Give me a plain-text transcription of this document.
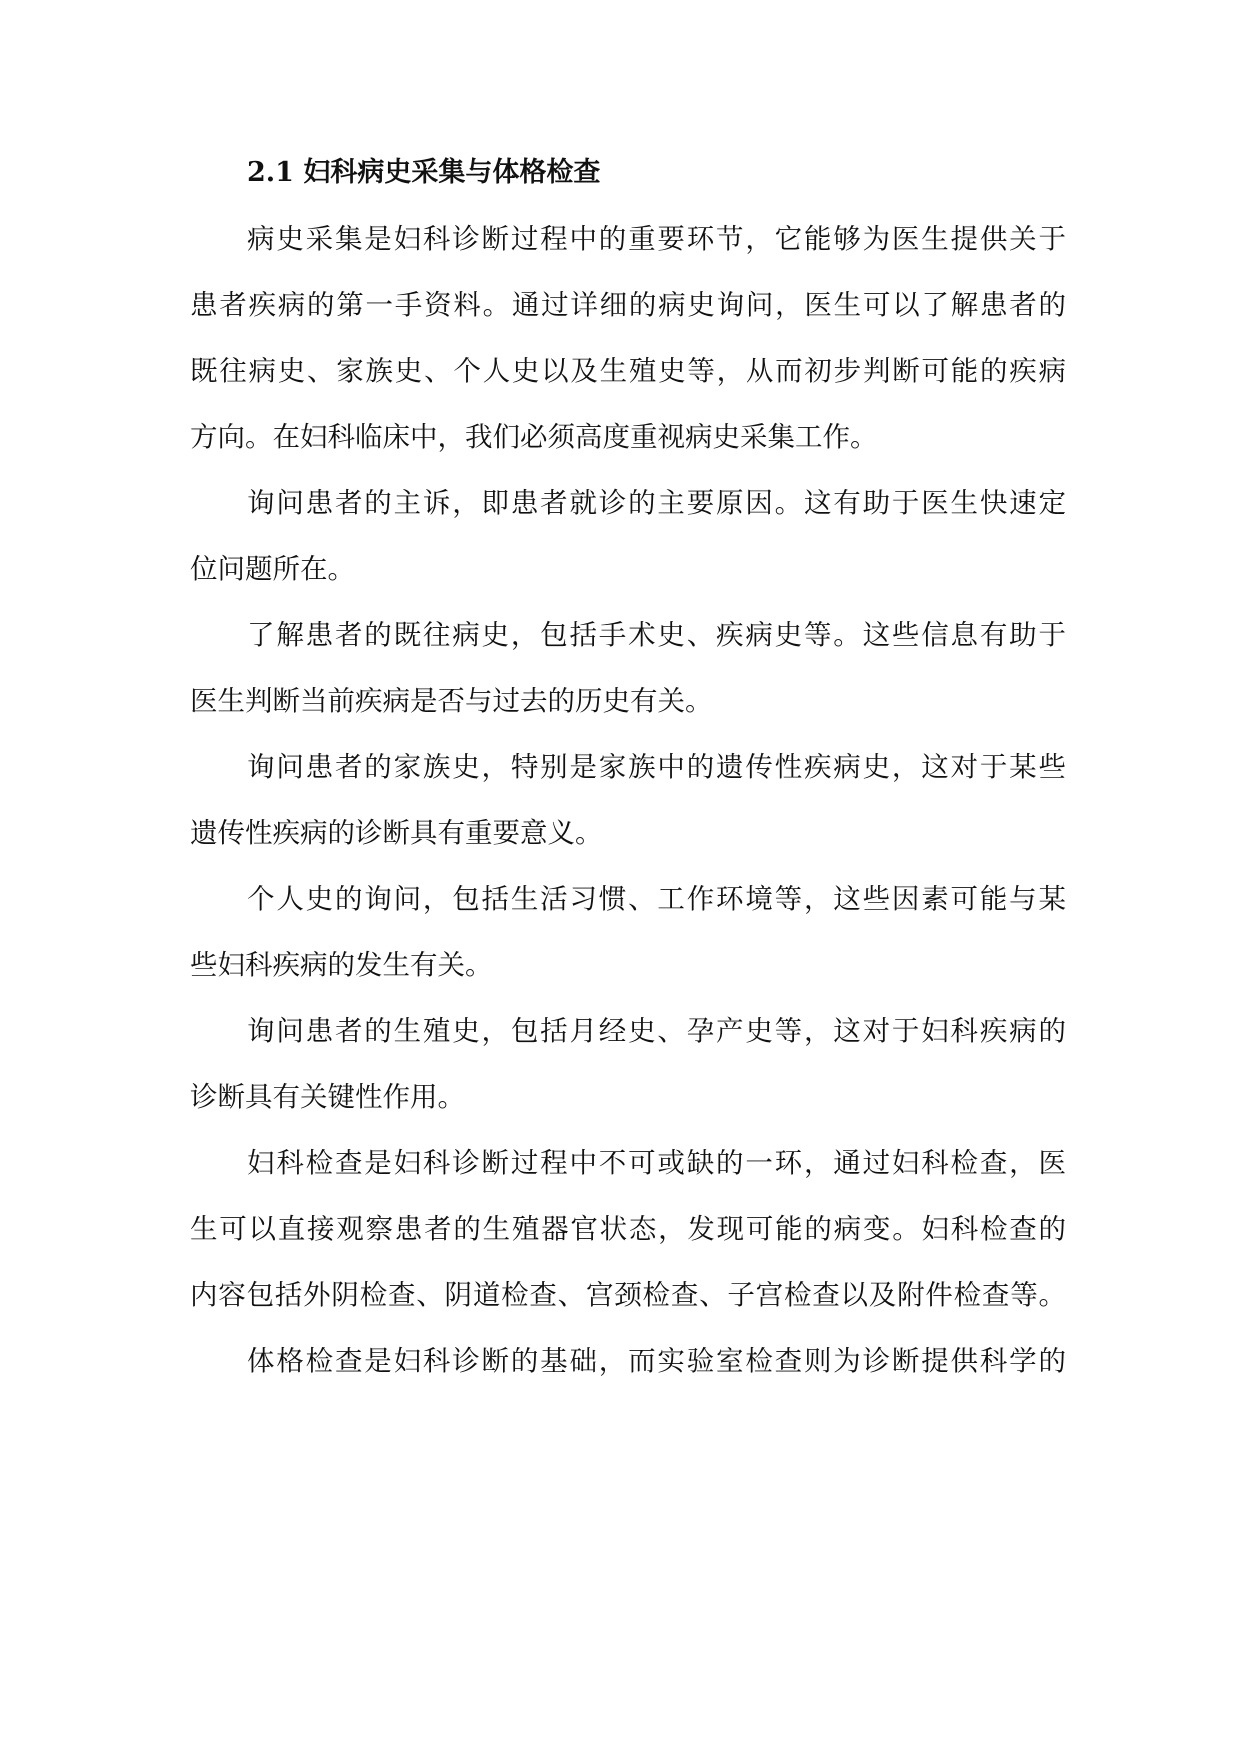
2.1 妇科病史采集与体格检查

病史采集是妇科诊断过程中的重要环节，它能够为医生提供关于
患者疾病的第一手资料。通过详细的病史询问，医生可以了解患者的
既往病史、家族史、个人史以及生殖史等，从而初步判断可能的疾病
方向。在妇科临床中，我们必须高度重视病史采集工作。

询问患者的主诉，即患者就诊的主要原因。这有助于医生快速定
位问题所在。

了解患者的既往病史，包括手术史、疾病史等。这些信息有助于
医生判断当前疾病是否与过去的历史有关。

询问患者的家族史，特别是家族中的遗传性疾病史，这对于某些
遗传性疾病的诊断具有重要意义。

个人史的询问，包括生活习惯、工作环境等，这些因素可能与某
些妇科疾病的发生有关。

询问患者的生殖史，包括月经史、孕产史等，这对于妇科疾病的
诊断具有关键性作用。

妇科检查是妇科诊断过程中不可或缺的一环，通过妇科检查，医
生可以直接观察患者的生殖器官状态，发现可能的病变。妇科检查的
内容包括外阴检查、阴道检查、宫颈检查、子宫检查以及附件检查等。

体格检查是妇科诊断的基础，而实验室检查则为诊断提供科学的
